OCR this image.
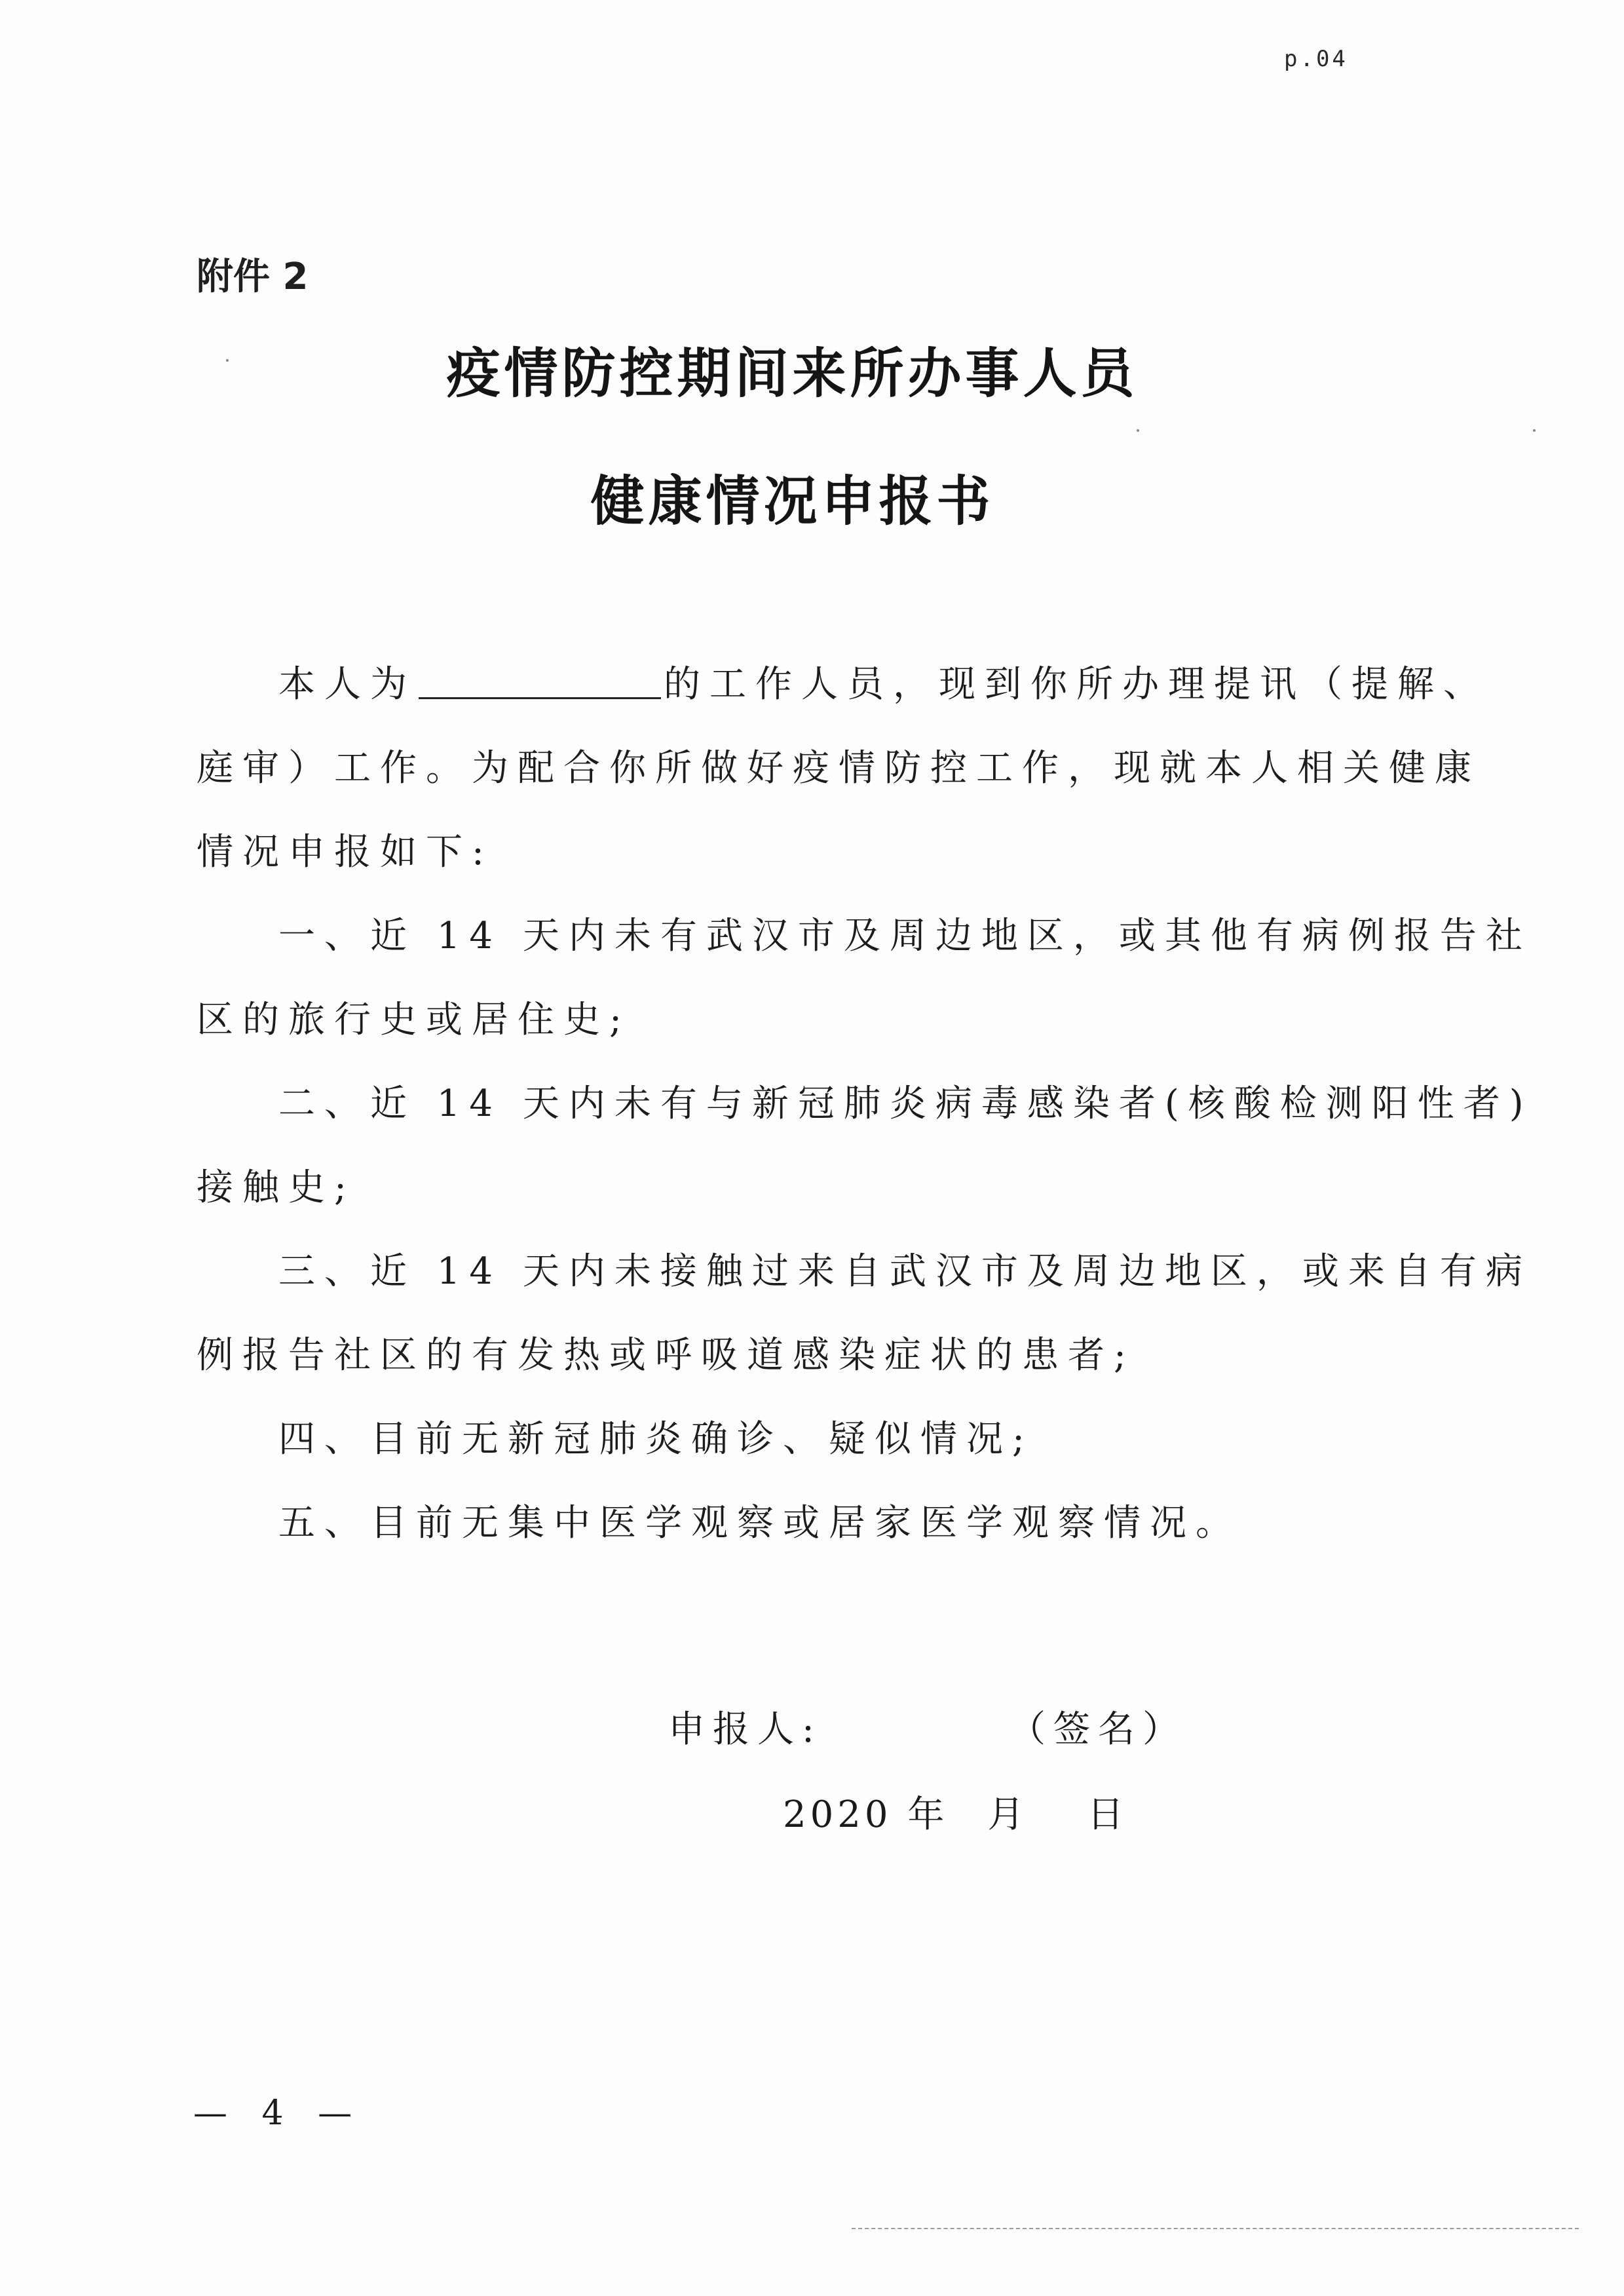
p.04
附件 2
疫情防控期间来所办事人员
健康情况申报书
本人为	的工作人员，现到你所办理提讯（提解、
庭审）工作。为配合你所做好疫情防控工作，现就本人相关健康
情况申报如下:
一、近 14 天内未有武汉市及周边地区，或其他有病例报告社
区的旅行史或居住史;
二、近 14 天内未有与新冠肺炎病毒感染者(核酸检测阳性者)
接触史;
三、近 14 天内未接触过来自武汉市及周边地区，或来自有病
例报告社区的有发热或呼吸道感染症状的患者;
四、目前无新冠肺炎确诊、疑似情况;
五、目前无集中医学观察或居家医学观察情况。
申报人:	（签名）
2020 年 月 日
— 4 —
